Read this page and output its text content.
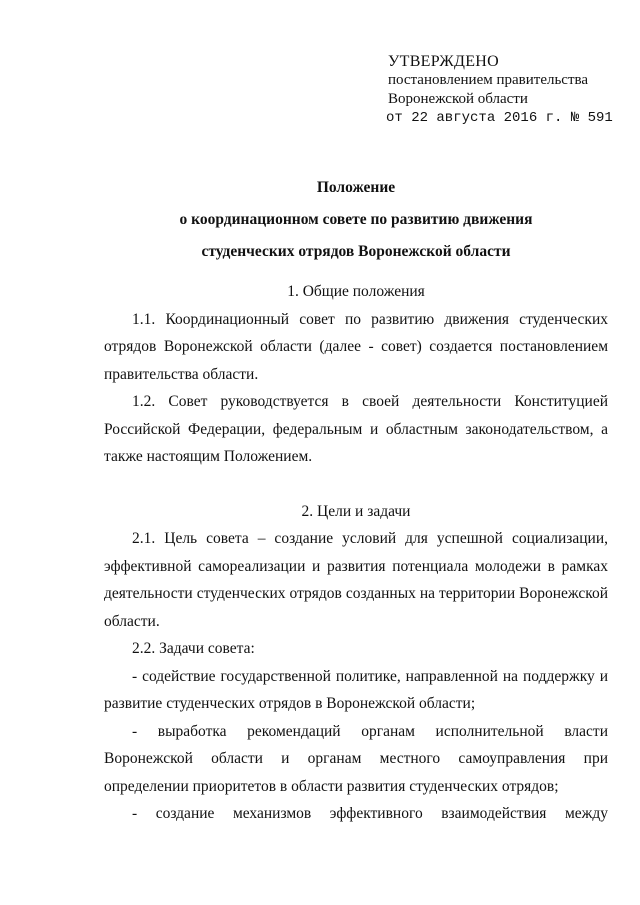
УТВЕРЖДЕНО
постановлением правительства
Воронежской области
от 22 августа 2016 г. № 591
Положение
о координационном совете по развитию движения
студенческих отрядов Воронежской области

1. Общие положения

1.1. Координационный совет по развитию движения студенческих отрядов Воронежской области (далее - совет) создается постановлением правительства области.

1.2. Совет руководствуется в своей деятельности Конституцией Российской Федерации, федеральным и областным законодательством, а также настоящим Положением.

2. Цели и задачи

2.1. Цель совета – создание условий для успешной социализации, эффективной самореализации и развития потенциала молодежи в рамках деятельности студенческих отрядов созданных на территории Воронежской области.

2.2. Задачи совета:

- содействие государственной политике, направленной на поддержку и развитие студенческих отрядов в Воронежской области;

- выработка рекомендаций органам исполнительной власти Воронежской области и органам местного самоуправления при определении приоритетов в области развития студенческих отрядов;

- создание механизмов эффективного взаимодействия между
